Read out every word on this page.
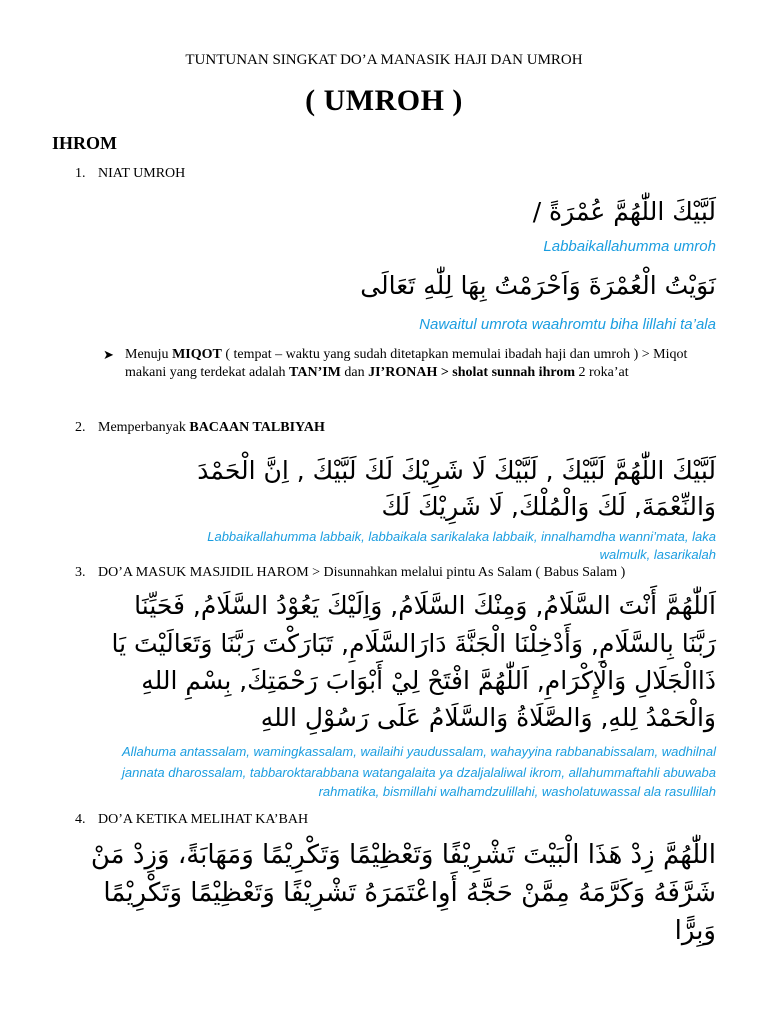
TUNTUNAN SINGKAT DO’A MANASIK HAJI DAN UMROH
( UMROH )
IHROM
1. NIAT UMROH
لَبَّيْكَ اللّٰهُمَّ عُمْرَةً /
Labbaikallahumma umroh
نَوَيْتُ الْعُمْرَةَ وَاَحْرَمْتُ بِهَا لِلّٰهِ تَعَالَى
Nawaitul umrota waahromtu biha lillahi ta’ala
➤ Menuju MIQOT ( tempat – waktu yang sudah ditetapkan memulai ibadah haji dan umroh ) > Miqot makani yang terdekat adalah TAN’IM dan JI’RONAH > sholat sunnah ihrom 2 roka’at
2. Memperbanyak BACAAN TALBIYAH
لَبَّيْكَ اللّٰهُمَّ لَبَّيْكَ , لَبَّيْكَ لَا شَرِيْكَ لَكَ لَبَّيْكَ , اِنَّ الْحَمْدَ
وَالنِّعْمَةَ, لَكَ وَالْمُلْكَ, لَا شَرِيْكَ لَكَ
Labbaikallahumma labbaik, labbaikala sarikalaka labbaik, innalhamdha wanni’mata, laka
walmulk, lasarikalah
3. DO’A MASUK MASJIDIL HAROM > Disunnahkan melalui pintu As Salam ( Babus Salam )
اَللّٰهُمَّ أَنْتَ السَّلَامُ, وَمِنْكَ السَّلَامُ, وَاِلَيْكَ يَعُوْدُ السَّلَامُ, فَحَيِّنَا
رَبَّنَا بِالسَّلَامِ, وَأَدْخِلْنَا الْجَنَّةَ دَارَالسَّلَامِ, تَبَارَكْتَ رَبَّنَا وَتَعَالَيْتَ يَا
ذَاالْجَلَالِ وَالْإِكْرَامِ, اَللّٰهُمَّ افْتَحْ لِيْ أَبْوَابَ رَحْمَتِكَ, بِسْمِ اللهِ
وَالْحَمْدُ لِلهِ, وَالصَّلَاةُ وَالسَّلَامُ عَلَى رَسُوْلِ اللهِ
Allahuma antassalam, wamingkassalam, wailaihi yaudussalam, wahayyina rabbanabissalam, wadhilnal
jannata dharossalam, tabbaroktarabbana watangalaita ya dzaljalaliwal ikrom, allahummaftahli abuwaba
rahmatika, bismillahi walhamdzulillahi, washolatuwassal ala rasullilah
4. DO’A KETIKA MELIHAT KA’BAH
اللّٰهُمَّ زِدْ هَذَا الْبَيْتَ تَشْرِيْفًا وَتَعْظِيْمًا وَتَكْرِيْمًا وَمَهَابَةً، وَزِدْ مَنْ
شَرَّفَهُ وَكَرَّمَهُ مِمَّنْ حَجَّهُ أَوِاعْتَمَرَهُ تَشْرِيْفًا وَتَعْظِيْمًا وَتَكْرِيْمًا
وَبِرًّا
